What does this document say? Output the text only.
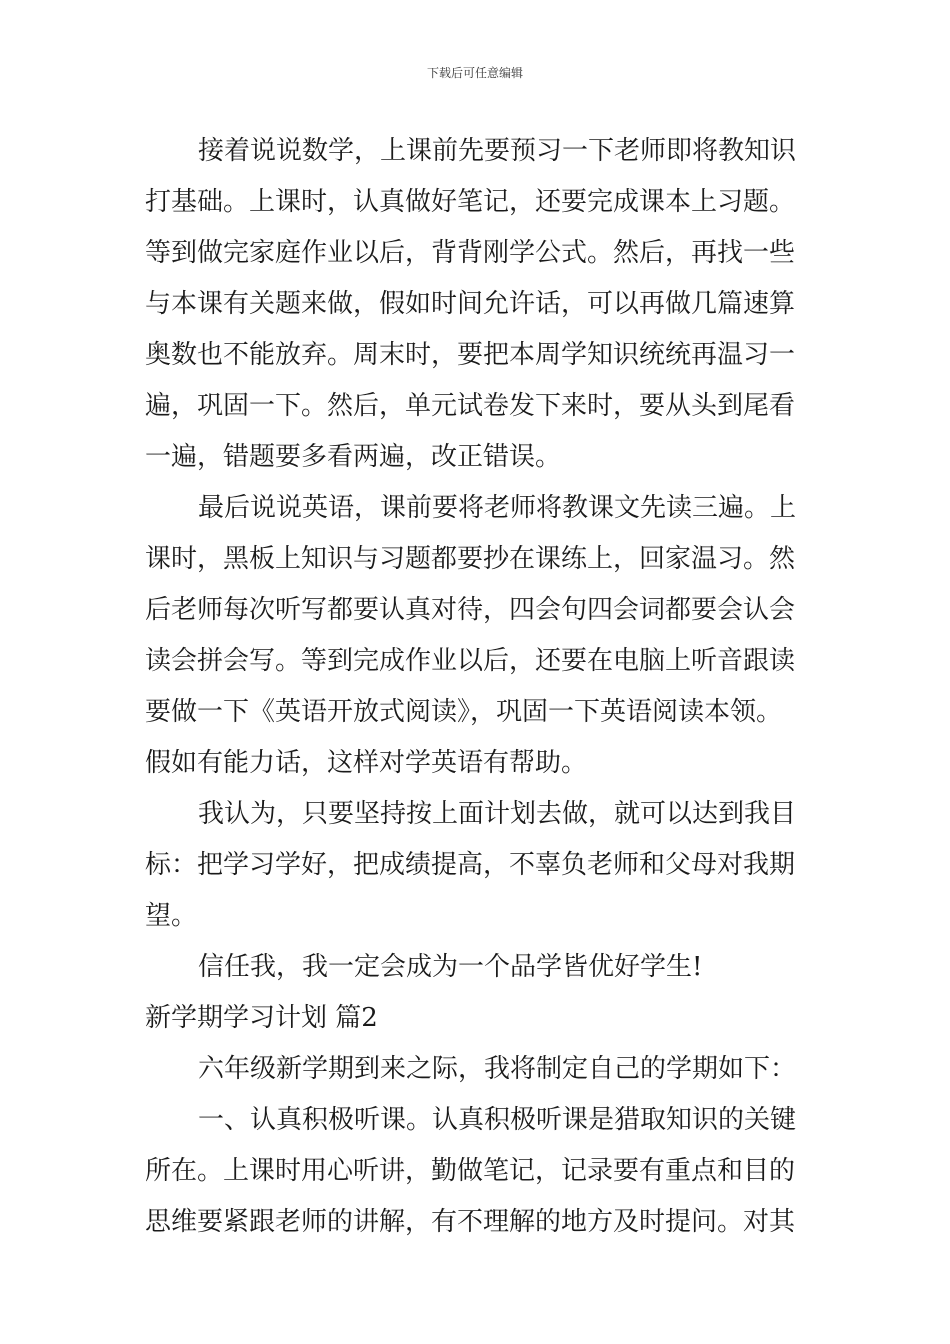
下载后可任意编辑
接着说说数学，上课前先要预习一下老师即将教知识
打基础。上课时，认真做好笔记，还要完成课本上习题。
等到做完家庭作业以后，背背刚学公式。然后，再找一些
与本课有关题来做，假如时间允许话，可以再做几篇速算
奥数也不能放弃。周末时，要把本周学知识统统再温习一
遍，巩固一下。然后，单元试卷发下来时，要从头到尾看
一遍，错题要多看两遍，改正错误。
最后说说英语，课前要将老师将教课文先读三遍。上
课时，黑板上知识与习题都要抄在课练上，回家温习。然
后老师每次听写都要认真对待，四会句四会词都要会认会
读会拼会写。等到完成作业以后，还要在电脑上听音跟读
要做一下《英语开放式阅读》，巩固一下英语阅读本领。
假如有能力话，这样对学英语有帮助。
我认为，只要坚持按上面计划去做，就可以达到我目
标：把学习学好，把成绩提高，不辜负老师和父母对我期
望。
信任我，我一定会成为一个品学皆优好学生!
新学期学习计划 篇2
六年级新学期到来之际，我将制定自己的学期如下：
一、认真积极听课。认真积极听课是猎取知识的关键
所在。上课时用心听讲，勤做笔记，记录要有重点和目的
思维要紧跟老师的讲解，有不理解的地方及时提问。对其
